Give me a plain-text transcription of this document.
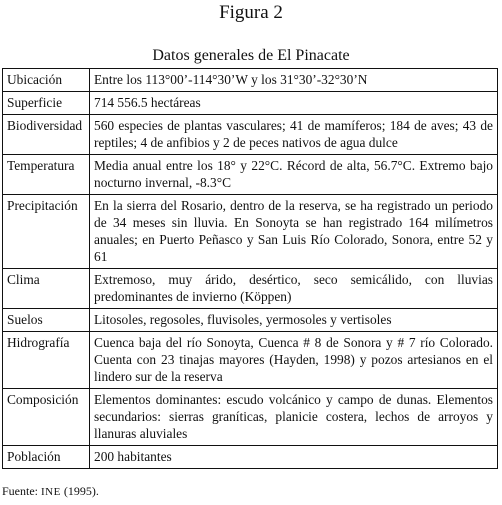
Figura 2
Datos generales de El Pinacate
Ubicación	Entre los 113°00’-114°30’W y los 31°30’-32°30’N
Superficie	714 556.5 hectáreas
Biodiversidad	560 especies de plantas vasculares; 41 de mamíferos; 184 de aves; 43 de reptiles; 4 de anfibios y 2 de peces nativos de agua dulce
Temperatura	Media anual entre los 18° y 22°C. Récord de alta, 56.7°C. Extremo bajo nocturno invernal, -8.3°C
Precipitación	En la sierra del Rosario, dentro de la reserva, se ha registrado un periodo de 34 meses sin lluvia. En Sonoyta se han registrado 164 milímetros anuales; en Puerto Peñasco y San Luis Río Colorado, Sonora, entre 52 y 61
Clima	Extremoso, muy árido, desértico, seco semicálido, con lluvias predominantes de invierno (Köppen)
Suelos	Litosoles, regosoles, fluvisoles, yermosoles y vertisoles
Hidrografía	Cuenca baja del río Sonoyta, Cuenca # 8 de Sonora y # 7 río Colorado. Cuenta con 23 tinajas mayores (Hayden, 1998) y pozos artesianos en el lindero sur de la reserva
Composición	Elementos dominantes: escudo volcánico y campo de dunas. Elementos secundarios: sierras graníticas, planicie costera, lechos de arroyos y llanuras aluviales
Población	200 habitantes
Fuente: INE (1995).
